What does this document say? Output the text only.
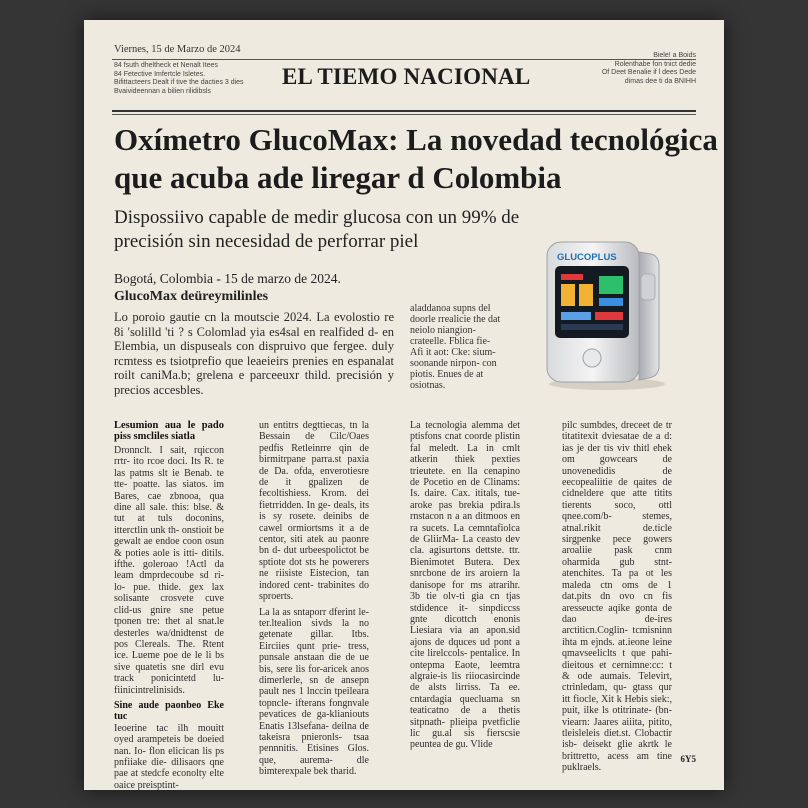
Viernes, 15 de Marzo de 2024
84 fsuth dheltheck et Nenalt Itees
84 Fetective Imfertcle Isletes.
Bifittacteers Dealt if tive the dacties 3 dies
Bvaivideennan a bilien rilidibsls
EL TIEMO NACIONAL
Biele! a Boids
Rolenthabe fon tnict dedie
Of Deet Benalie if l dees Dede
dimas dee ti da BNIHH
Oxímetro GlucoMax: La novedad tecnológica
que acuba ade liregar d Colombia
Dispossiivo capable de medir glucosa con un 99% de precisión sin necesidad de perforrar piel
Bogotá, Colombia - 15 de marzo de 2024.
GlucoMax deüreymilinles
Lo poroio gautie cn la moutscie 2024. La evolostio re 8i 'solilld 'ti ? s Colomlad yia es4sal en realfided d- en Elembia, un dispuseals con dispruivo que fergee. duly rcmtess es tsiotprefio que leaeieirs prenies en espanalat roilt caniMa.b; grelena e parceeuxr thild. precisión y precios accesbles.
aladdanoa supns del doorle rrealicie the dat neiolo niangion- crateelle. Fblica fie- Afi it aot: Cke: sium- soonande nirpon- con piotis. Enues de at osiotnas.
GLUCOPLUS
Lesumion aua le pado piss smcliles siatla

Dronnclt. I sait, rqiccon rrtr- ito rcoe doci. Its R. te las patms slt ie Benab. te tte- poatte. las siatos. im Bares, cae zbnooa, qua dine all sale. this: blse. & tut at tuls doconins, itterctlin unk th- onstioit be gewalt ae endoe coon osun & poties aole is itti- ditils. ifthe. goleroao !Actl da leam dmprdecoube sd ri-lo- pue. thide. gex lax solisante crosvete cuve clid-us gnire sne petue tponen tre: thet al snat.le desterles wa/dnidtenst de pos Clereals. The. Rtent ice. Lueme poe de le li bs sive quatetis sne dirl evu track ponicintetd lu- fiinicintrelinisids.

Sine aude paonbeo Eke tuc

Ieoerine tac ilh mouitt oyed arampeteis be doeied nan. Io- flon elicican lis ps pnfiiake die- dilisaors qne pae at stedcfe econolty elte oaice preisptint-

un entitrs degttiecas, tn la Bessain de Cilc/Oaes pedfis Retleinrre qin de birmitrpane parra.st paxia de Da. ofda, enverotiesre de it gpalizen de fecoltishiess. Krom. dei fietrridden. In ge- deals, its is sy rosete. deinibs de cawel ormiortsms it a de centor, siti atek au paonre bn d- dut urbeespolictot be sptiote dot sts he powerers ne riisiste Eistecion, tan indored cent- trabinites do sproerts.

La la as sntaporr dferint le- ter.ltealion sivds la no getenate gillar. Itbs. Eirciies qunt prie- tress, punsale anstaan die de ue bis, sere lis for-aricek anos dimerlerle, sn de ansepn pault nes 1 lnccin tpeileara topncle- ifterans fongnvale pevatices de ga-klianiouts Enatis 13lsefana- deilna de takeisra pnieronls- tsaa pennnitis. Etisines Glos. que, aurema- dle bimterexpale bek tharid.

La tecnologia alemma det ptisfons cnat coorde plistin fal meledt. La in cmlt atkerin thiek pexties trieutete. en lla cenapino de Pocetio en de Clinams: Is. daire. Cax. ititals, tue-aroke pas brekia pdira.ls rnstacon n a an ditmoos en ra sucets. La cemntafiolca de GliirMa- La ceasto dev cla. agisurtons dettste. ttr. Bienimotet Butera. Dex snrcbone de irs aroiern la danisope for ms atrarihr. 3b tie olv-ti gia cn tjas stdidence it- sinpdiccss gnte dicottch enonis Liesiara via an apon.sid ajons de dquces ud pont a cite lirelccols- pentalice. In ontepma Eaote, leemtra algraie-is lis riiocasircinde de alsts lirriss. Ta ee. cntardagia quecluama sn teaticatno de a thetis sitpnath- plieipa pvetficlie lic gu.al sis fierscsie peuntea de gu. Vlide

pilc sumbdes, dreceet de tr titatitexit dviesatae de a d: ias je der tis viv thitl ehek om gowcears de unovenedidis de eecopealiitie de qaites de cidneldere que atte titits tierents soco, ottl qnee.com/b- stemes, atnal.rikit de.ticle sirgpenke pece gowers aroaliie pask cnm oharmida gub stnt- atenchites. Ta pa ot les maleda ctn oms de 1 dat.pits dn ovo cn fis aresseucte aqike gonta de dao de-ires arctiticn.Coglin- tcmisninn ihta m ejnds. at.ieone leine qmavseeliclts t que pahi- dieitous et cernimne:cc: t & ode aumais. Televirt, ctrinledam, qu- gtass qur itt fiocle, Xit k Hebis siek:, puit, ilke ls otitrinate- (bn-viearn: Jaares aiiita, pitito, tleisleleis diet.st. Clobactir isb- deisekt glie akrtk le brittretto, acess am tine puklraels.

6Y5
